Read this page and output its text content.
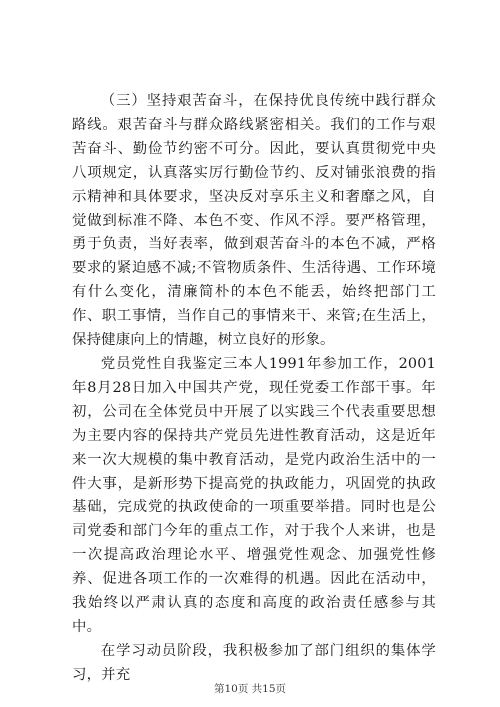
（三）坚持艰苦奋斗，在保持优良传统中践行群众路线。艰苦奋斗与群众路线紧密相关。我们的工作与艰苦奋斗、勤俭节约密不可分。因此，要认真贯彻党中央八项规定，认真落实厉行勤俭节约、反对铺张浪费的指示精神和具体要求，坚决反对享乐主义和奢靡之风，自觉做到标准不降、本色不变、作风不浮。要严格管理，勇于负责，当好表率，做到艰苦奋斗的本色不减，严格要求的紧迫感不减;不管物质条件、生活待遇、工作环境有什么变化，清廉简朴的本色不能丢，始终把部门工作、职工事情，当作自己的事情来干、来管;在生活上，保持健康向上的情趣，树立良好的形象。

党员党性自我鉴定三本人1991年参加工作，2001年8月28日加入中国共产党，现任党委工作部干事。年初，公司在全体党员中开展了以实践三个代表重要思想为主要内容的保持共产党员先进性教育活动，这是近年来一次大规模的集中教育活动，是党内政治生活中的一件大事，是新形势下提高党的执政能力，巩固党的执政基础，完成党的执政使命的一项重要举措。同时也是公司党委和部门今年的重点工作，对于我个人来讲，也是一次提高政治理论水平、增强党性观念、加强党性修养、促进各项工作的一次难得的机遇。因此在活动中，我始终以严肃认真的态度和高度的政治责任感参与其中。

在学习动员阶段，我积极参加了部门组织的集体学习，并充

第10页 共15页
